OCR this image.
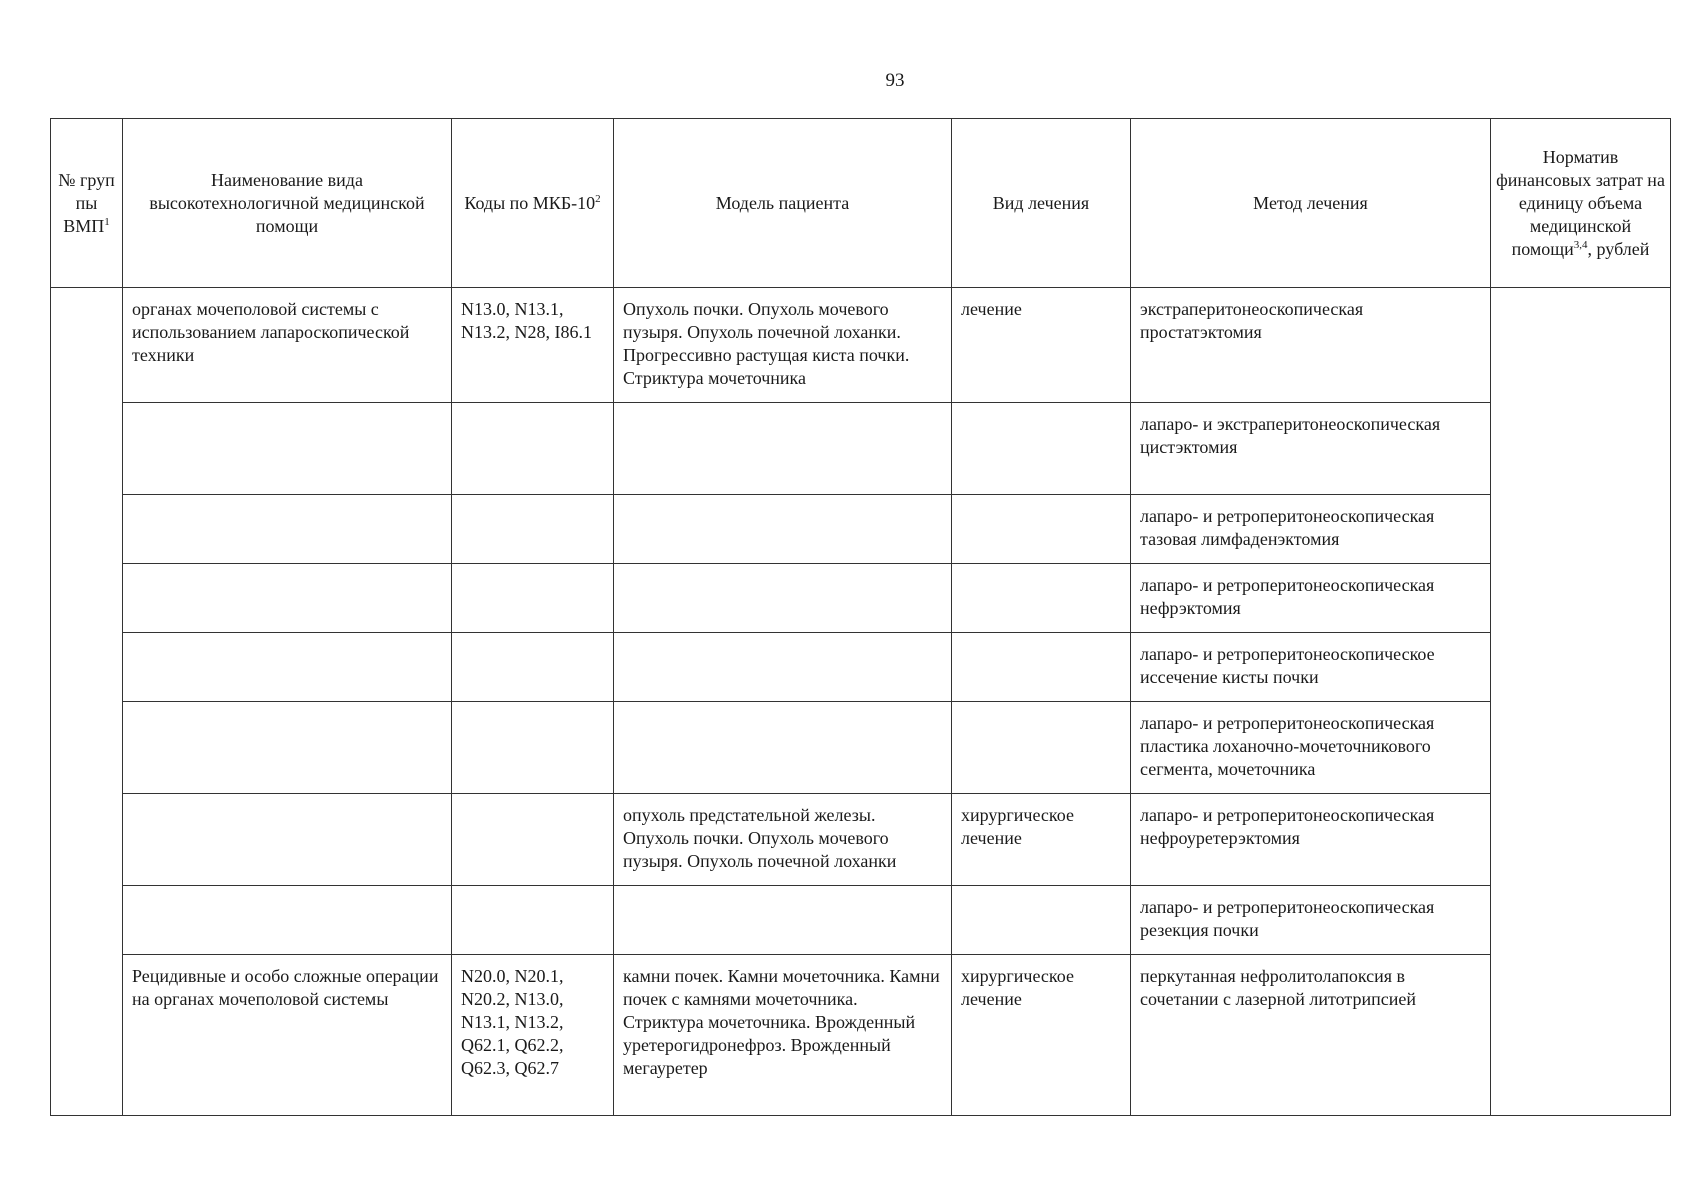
93
№ груп пы ВМП$^1$	Наименование вида высокотехнологичной медицинской помощи	Коды по МКБ-$10^2$	Модель пациента	Вид лечения	Метод лечения	Норматив финансовых затрат на единицу объема медицинской помощи$^{3,4}$, рублей
	органах мочеполовой системы с использованием лапароскопической техники	N13.0, N13.1, N13.2, N28, I86.1	Опухоль почки. Опухоль мочевого пузыря. Опухоль почечной лоханки. Прогрессивно растущая киста почки. Стриктура мочеточника	лечение	экстраперитонеоскопическая простатэктомия	
					лапаро- и экстраперитонеоскопическая цистэктомия	
					лапаро- и ретроперитонеоскопическая тазовая лимфаденэктомия	
					лапаро- и ретроперитонеоскопическая нефрэктомия	
					лапаро- и ретроперитонеоскопическое иссечение кисты почки	
					лапаро- и ретроперитонеоскопическая пластика лоханочно-мочеточникового сегмента, мочеточника	
			опухоль предстательной железы. Опухоль почки. Опухоль мочевого пузыря. Опухоль почечной лоханки	хирургическое лечение	лапаро- и ретроперитонеоскопическая нефроуретерэктомия	
					лапаро- и ретроперитонеоскопическая резекция почки	
	Рецидивные и особо сложные операции на органах мочеполовой системы	N20.0, N20.1, N20.2, N13.0, N13.1, N13.2, Q62.1, Q62.2, Q62.3, Q62.7	камни почек. Камни мочеточника. Камни почек с камнями мочеточника. Стриктура мочеточника. Врожденный уретерогидронефроз. Врожденный мегауретер	хирургическое лечение	перкутанная нефролитолапоксия в сочетании с лазерной литотрипсией	
